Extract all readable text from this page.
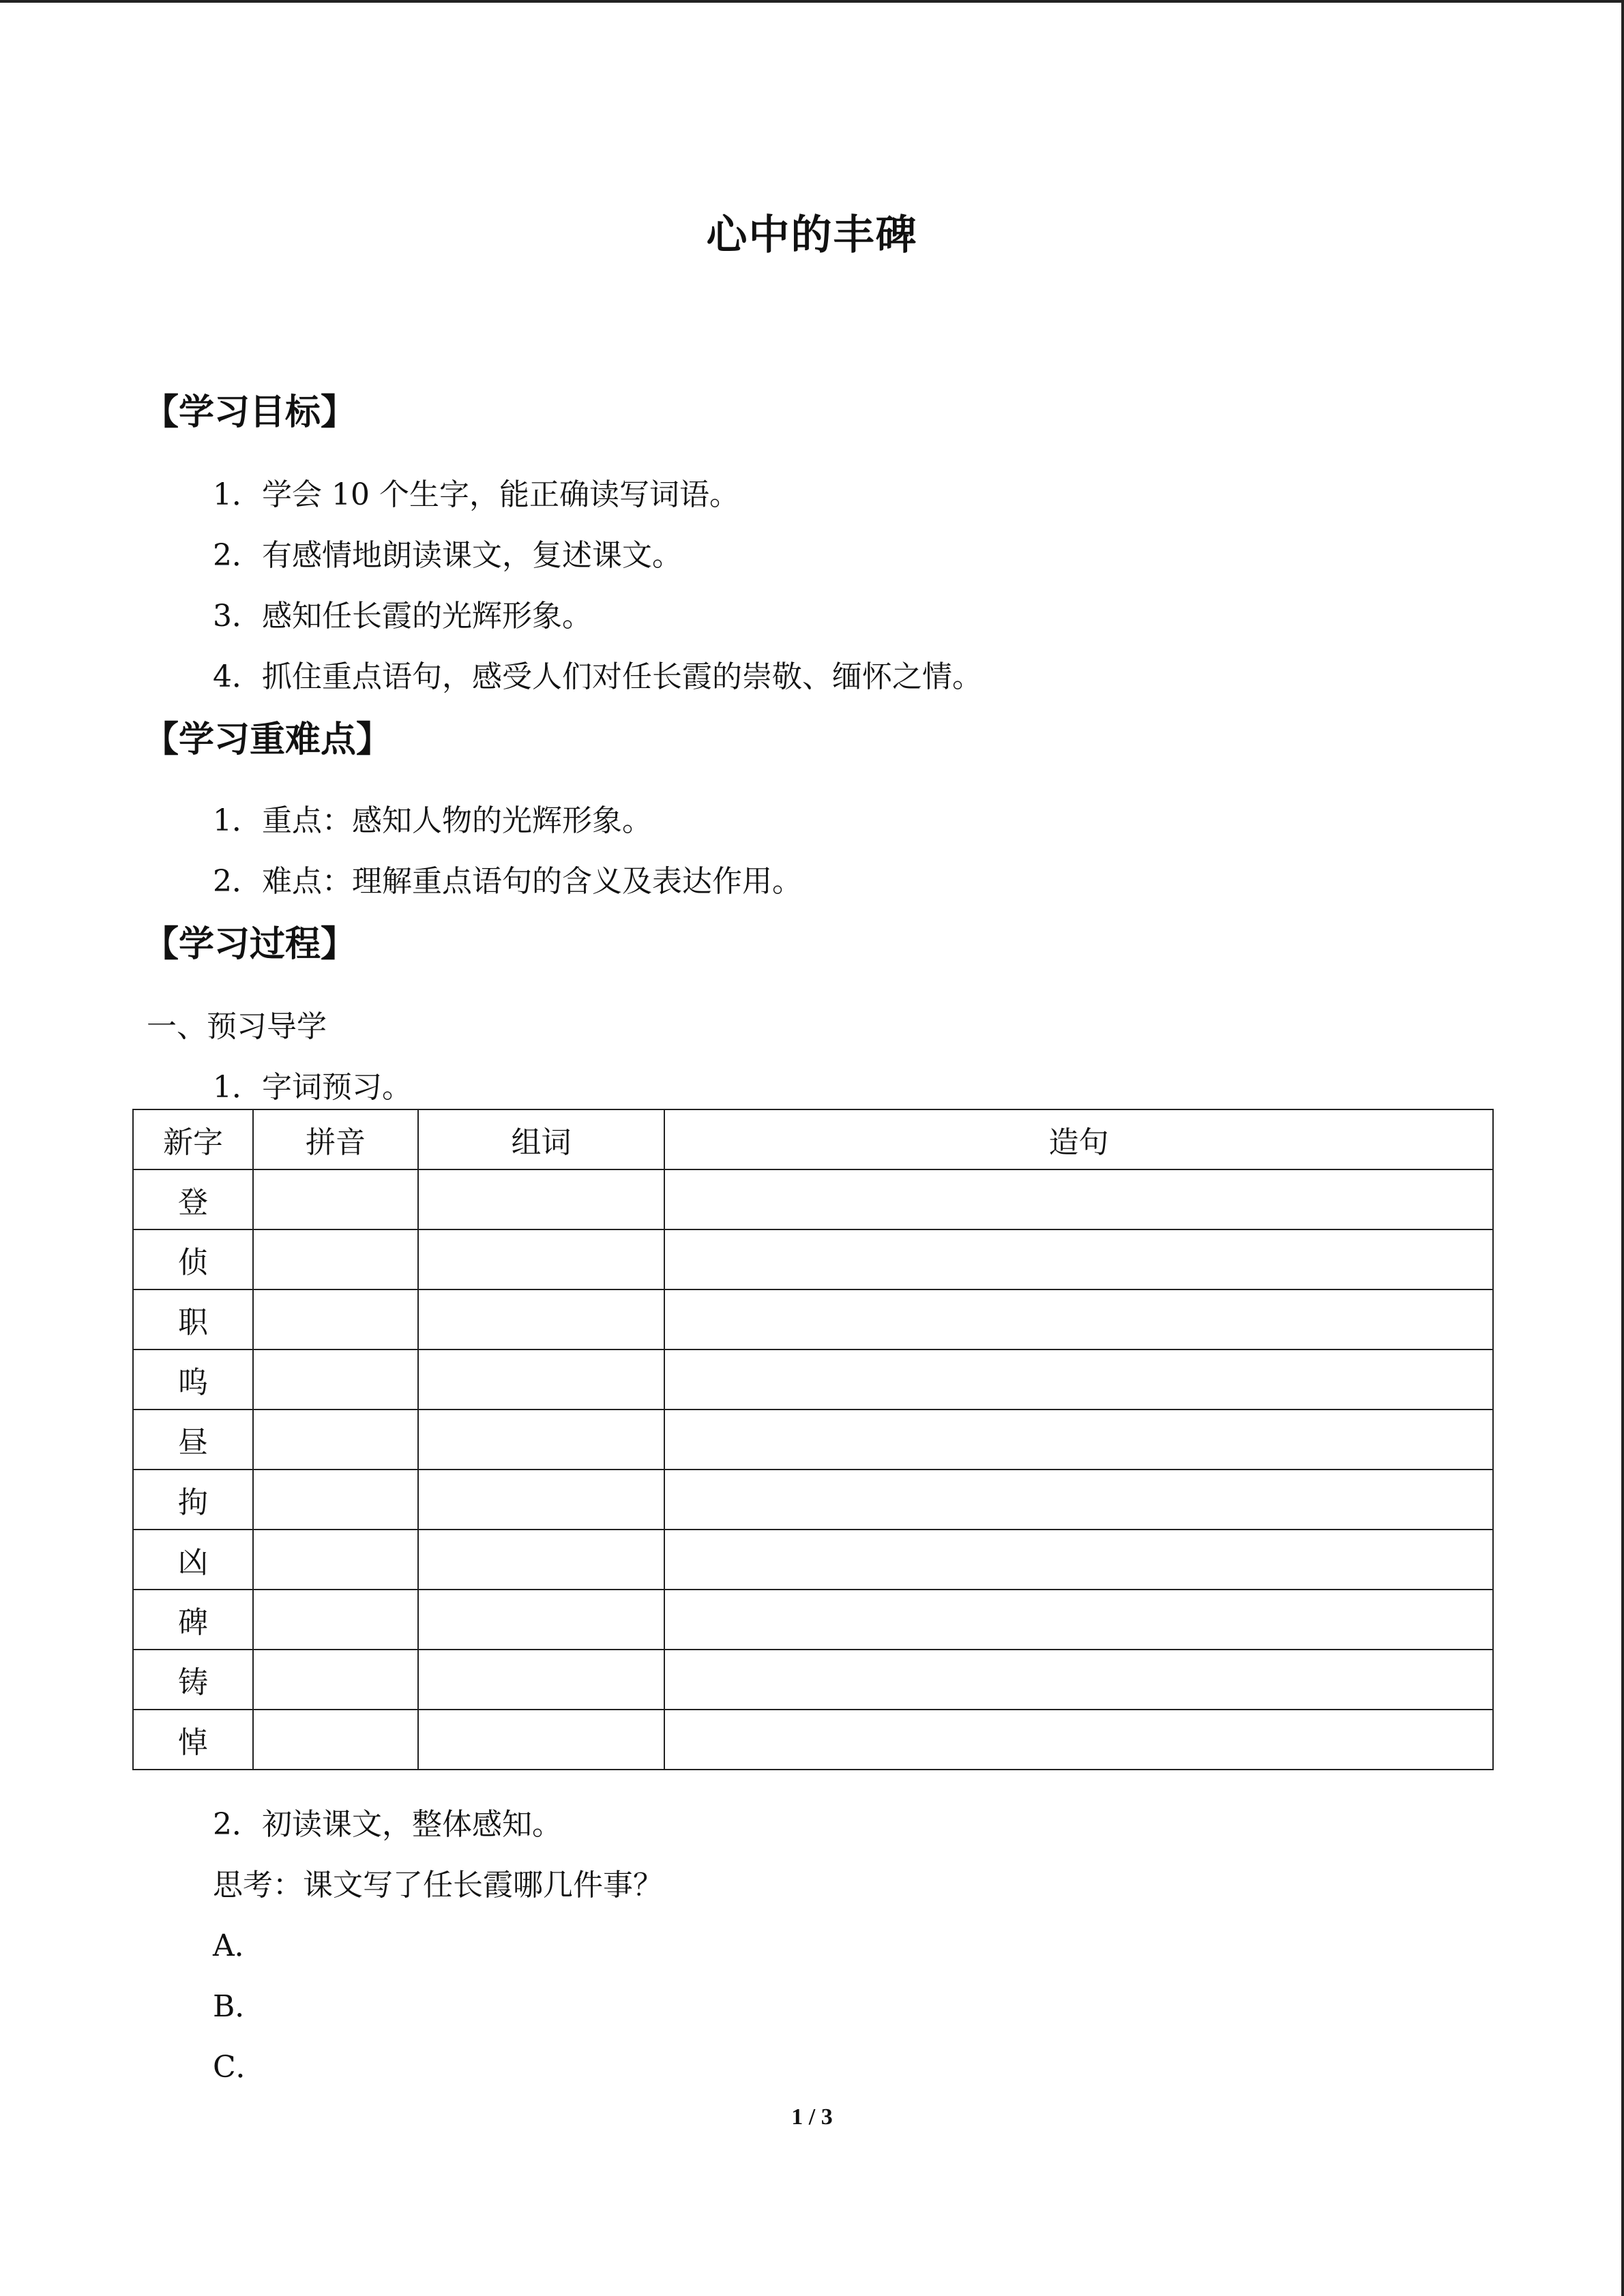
心中的丰碑
【学习目标】
1．学会 10 个生字，能正确读写词语。
2．有感情地朗读课文，复述课文。
3．感知任长霞的光辉形象。
4．抓住重点语句，感受人们对任长霞的崇敬、缅怀之情。
【学习重难点】
1．重点：感知人物的光辉形象。
2．难点：理解重点语句的含义及表达作用。
【学习过程】
一、预习导学
1．字词预习。
新字	拼音	组词	造句
登			
侦			
职			
呜			
昼			
拘			
凶			
碑			
铸			
悼			
2．初读课文，整体感知。
思考：课文写了任长霞哪几件事？
A．
B．
C．
1 / 3
